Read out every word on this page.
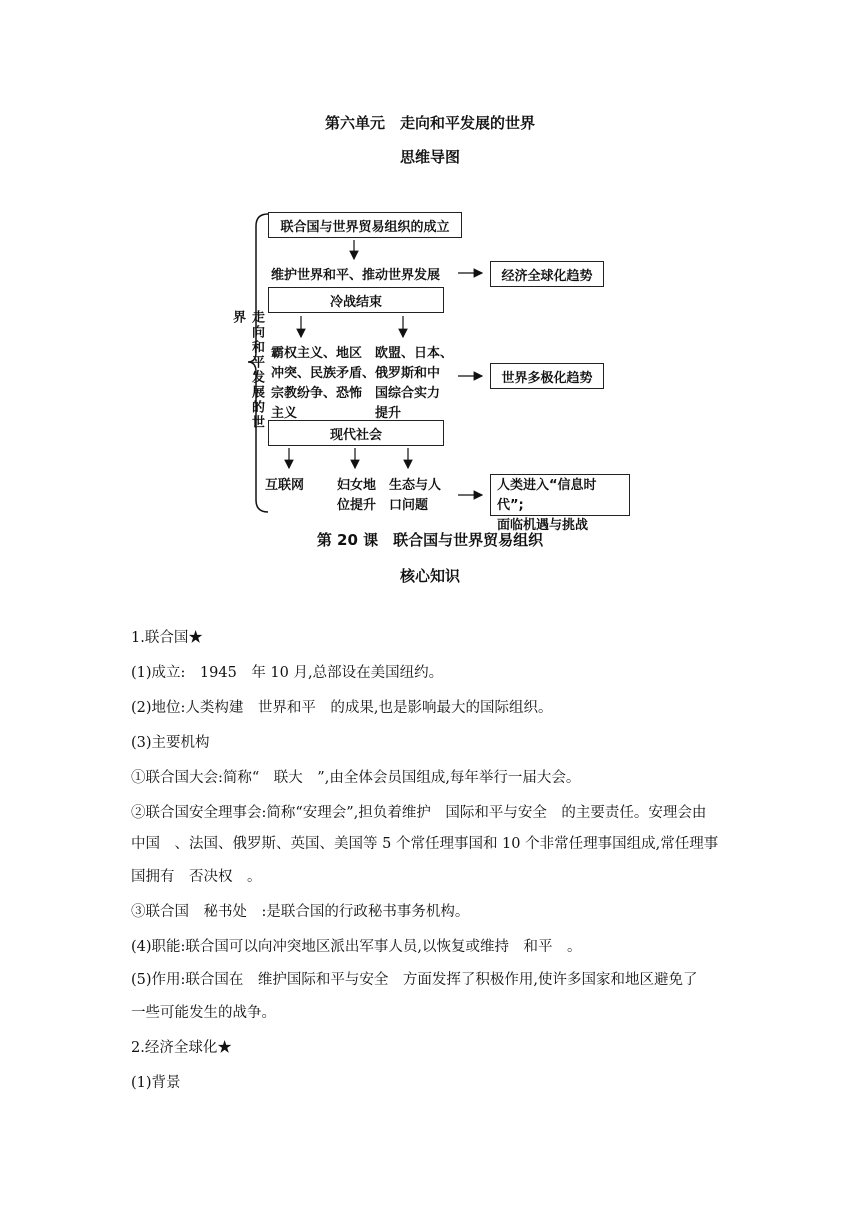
第六单元　走向和平发展的世界
思维导图
走向和平发展的世界
联合国与世界贸易组织的成立
维护世界和平、推动世界发展	经济全球化趋势
冷战结束
霸权主义、地区
冲突、民族矛盾、
宗教纷争、恐怖
主义
欧盟、日本、
俄罗斯和中
国综合实力
提升
世界多极化趋势
现代社会
互联网	妇女地
位提升
生态与人
口问题
人类进入“信息时代”;
面临机遇与挑战
第 20 课　联合国与世界贸易组织
核心知识
1.联合国★
(1)成立:　1945　年 10 月,总部设在美国纽约。
(2)地位:人类构建　世界和平　的成果,也是影响最大的国际组织。
(3)主要机构
①联合国大会:简称“　联大　”,由全体会员国组成,每年举行一届大会。
②联合国安全理事会:简称“安理会”,担负着维护　国际和平与安全　的主要责任。安理会由
中国　、法国、俄罗斯、英国、美国等 5 个常任理事国和 10 个非常任理事国组成,常任理事
国拥有　否决权　。
③联合国　秘书处　:是联合国的行政秘书事务机构。
(4)职能:联合国可以向冲突地区派出军事人员,以恢复或维持　和平　。
(5)作用:联合国在　维护国际和平与安全　方面发挥了积极作用,使许多国家和地区避免了
一些可能发生的战争。
2.经济全球化★
(1)背景
